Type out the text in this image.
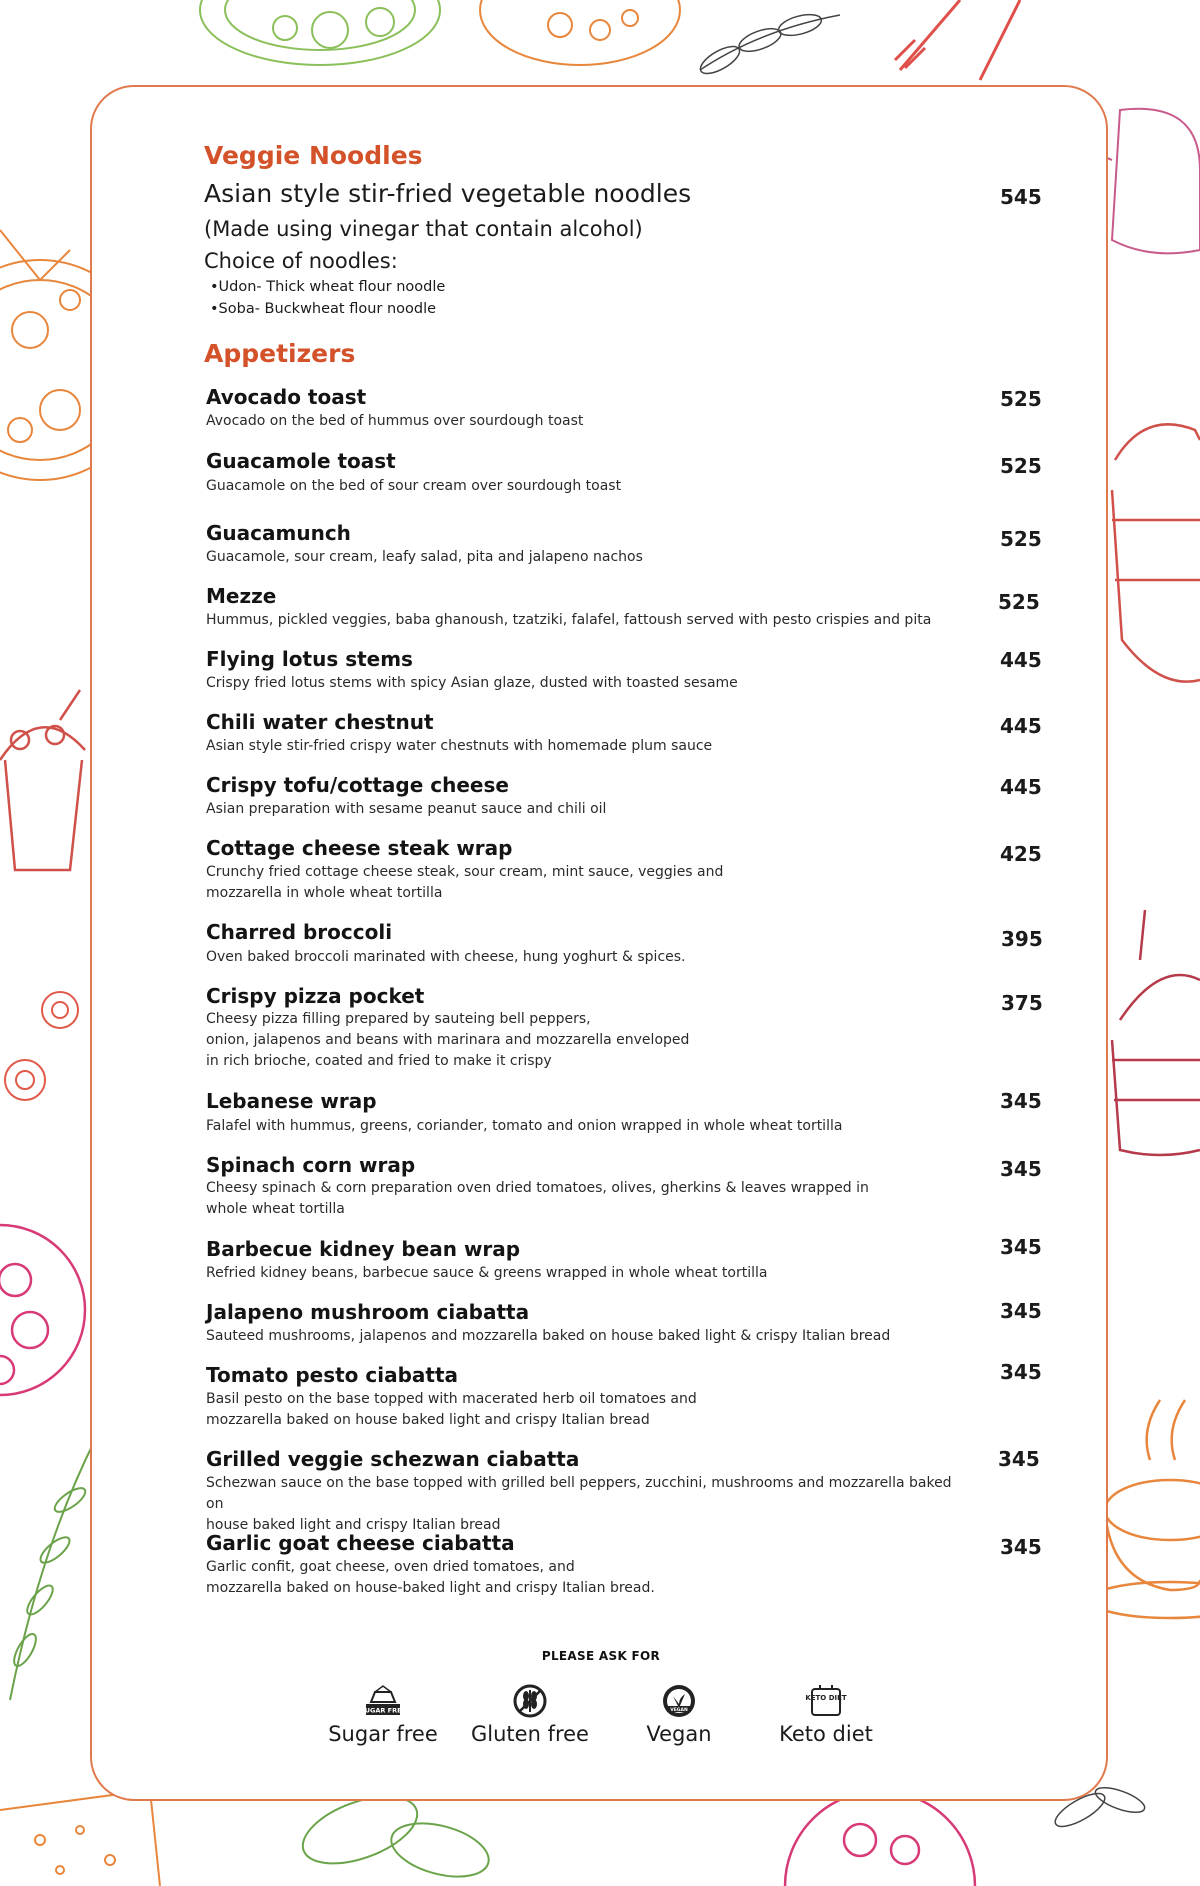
Veggie Noodles
Asian style stir-fried vegetable noodles	545
(Made using vinegar that contain alcohol)
Choice of noodles:
•Udon- Thick wheat flour noodle
•Soba- Buckwheat flour noodle
Appetizers
Avocado toast
Avocado on the bed of hummus over sourdough toast
525
Guacamole toast
Guacamole on the bed of sour cream over sourdough toast
525
Guacamunch
Guacamole, sour cream, leafy salad, pita and jalapeno nachos
525
Mezze
Hummus, pickled veggies, baba ghanoush, tzatziki, falafel, fattoush served with pesto crispies and pita
525
Flying lotus stems
Crispy fried lotus stems with spicy Asian glaze, dusted with toasted sesame
445
Chili water chestnut
Asian style stir-fried crispy water chestnuts with homemade plum sauce
445
Crispy tofu/cottage cheese
Asian preparation with sesame peanut sauce and chili oil
445
Cottage cheese steak wrap
Crunchy fried cottage cheese steak, sour cream, mint sauce, veggies and
mozzarella in whole wheat tortilla
425
Charred broccoli
Oven baked broccoli marinated with cheese, hung yoghurt & spices.
395
Crispy pizza pocket
Cheesy pizza filling prepared by sauteing bell peppers,
onion, jalapenos and beans with marinara and mozzarella enveloped
in rich brioche, coated and fried to make it crispy
375
Lebanese wrap
Falafel with hummus, greens, coriander, tomato and onion wrapped in whole wheat tortilla
345
Spinach corn wrap
Cheesy spinach & corn preparation oven dried tomatoes, olives, gherkins & leaves wrapped in
whole wheat tortilla
345
Barbecue kidney bean wrap
Refried kidney beans, barbecue sauce & greens wrapped in whole wheat tortilla
345
Jalapeno mushroom ciabatta
Sauteed mushrooms, jalapenos and mozzarella baked on house baked light & crispy Italian bread
345
Tomato pesto ciabatta
Basil pesto on the base topped with macerated herb oil tomatoes and
mozzarella baked on house baked light and crispy Italian bread
345
Grilled veggie schezwan ciabatta
Schezwan sauce on the base topped with grilled bell peppers, zucchini, mushrooms and mozzarella baked on
house baked light and crispy Italian bread
345
Garlic goat cheese ciabatta
Garlic confit, goat cheese, oven dried tomatoes, and
mozzarella baked on house-baked light and crispy Italian bread.
345
PLEASE ASK FOR
SUGAR FREE
Sugar free	Gluten free
VEGAN
Vegan
KETO DIET
Keto diet
